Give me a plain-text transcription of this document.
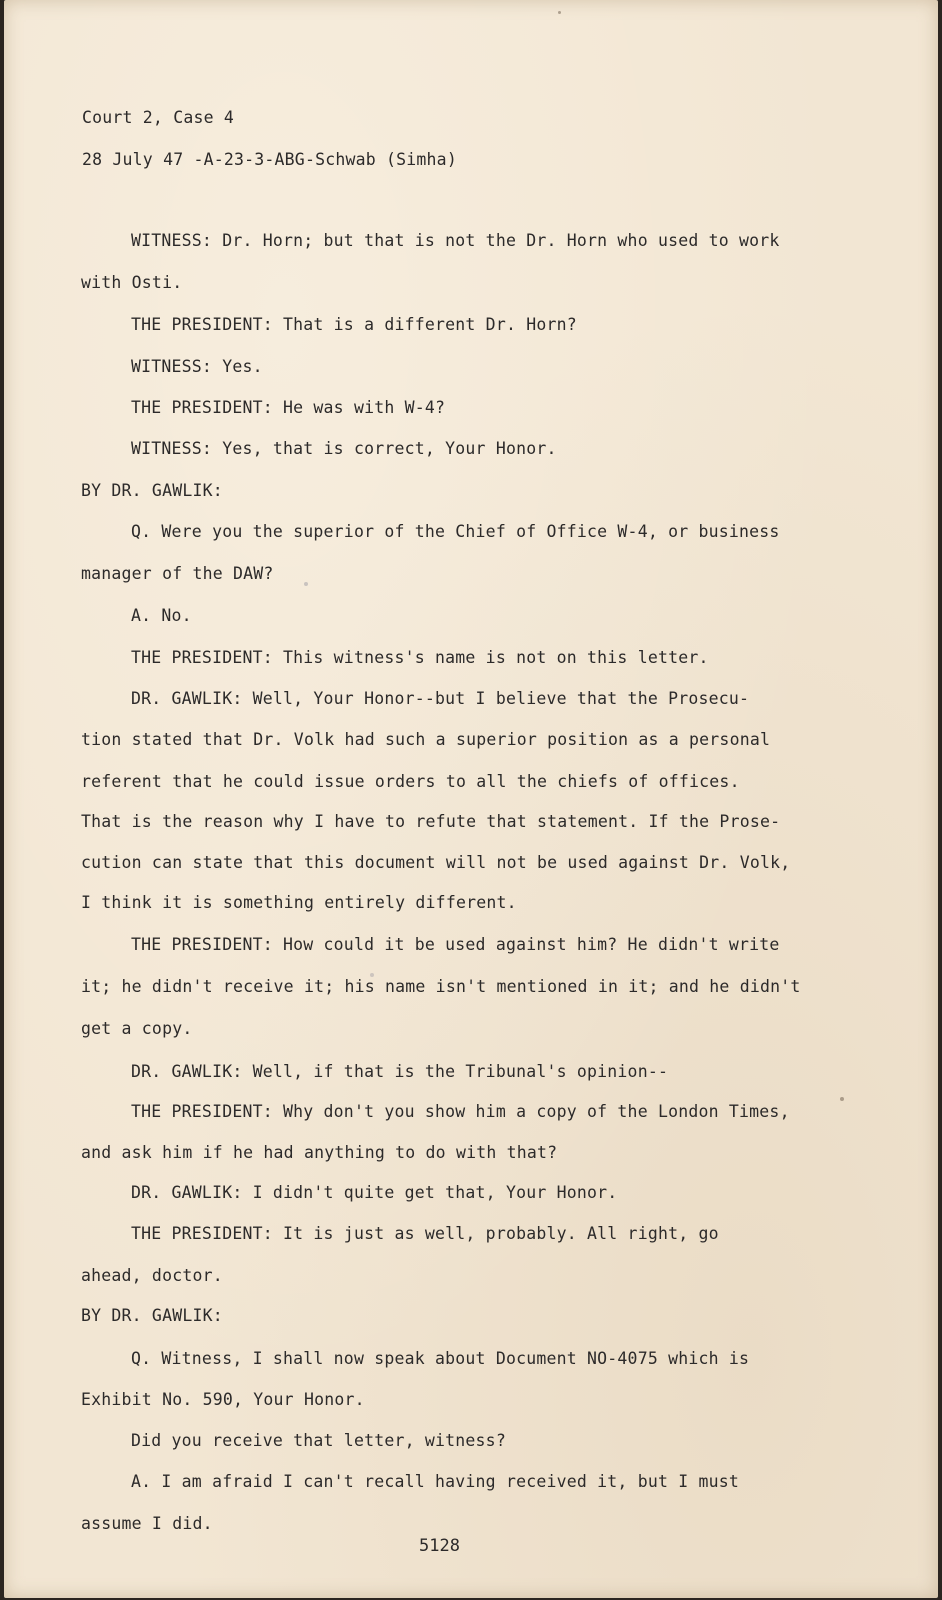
Court 2, Case 4
28 July 47 -A-23-3-ABG-Schwab (Simha)
WITNESS: Dr. Horn; but that is not the Dr. Horn who used to work
with Osti.
THE PRESIDENT: That is a different Dr. Horn?
WITNESS: Yes.
THE PRESIDENT: He was with W-4?
WITNESS: Yes, that is correct, Your Honor.
BY DR. GAWLIK:
Q. Were you the superior of the Chief of Office W-4, or business
manager of the DAW?
A. No.
THE PRESIDENT: This witness's name is not on this letter.
DR. GAWLIK: Well, Your Honor--but I believe that the Prosecu-
tion stated that Dr. Volk had such a superior position as a personal
referent that he could issue orders to all the chiefs of offices.
That is the reason why I have to refute that statement. If the Prose-
cution can state that this document will not be used against Dr. Volk,
I think it is something entirely different.
THE PRESIDENT: How could it be used against him? He didn't write
it; he didn't receive it; his name isn't mentioned in it; and he didn't
get a copy.
DR. GAWLIK: Well, if that is the Tribunal's opinion--
THE PRESIDENT: Why don't you show him a copy of the London Times,
and ask him if he had anything to do with that?
DR. GAWLIK: I didn't quite get that, Your Honor.
THE PRESIDENT: It is just as well, probably. All right, go
ahead, doctor.
BY DR. GAWLIK:
Q. Witness, I shall now speak about Document NO-4075 which is
Exhibit No. 590, Your Honor.
Did you receive that letter, witness?
A. I am afraid I can't recall having received it, but I must
assume I did.
5128
